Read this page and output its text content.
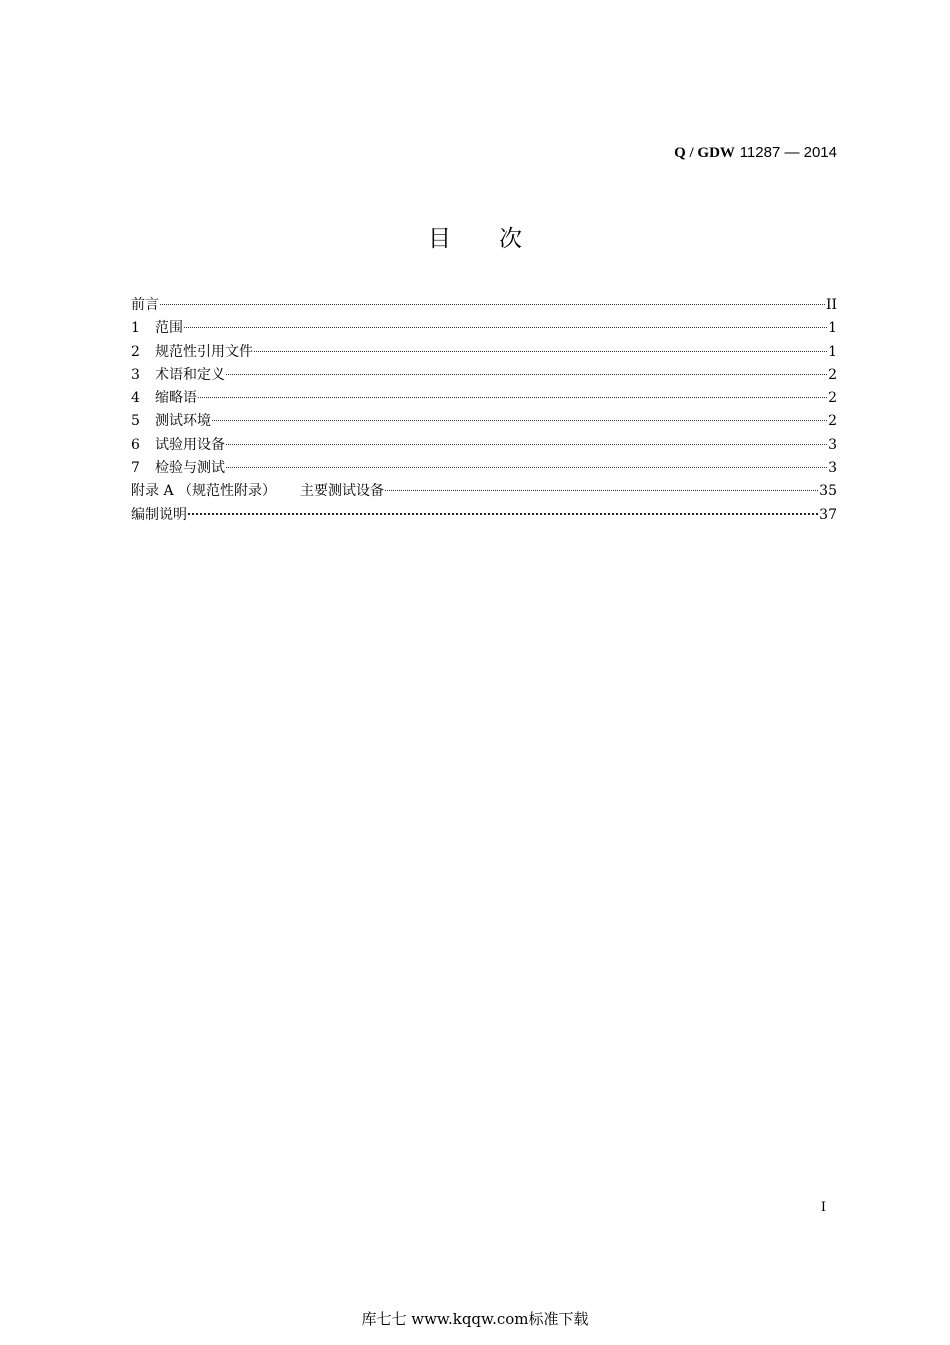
Q / GDW 11287 — 2014
目次
前言	II
1	范围	1
2	规范性引用文件	1
3	术语和定义	2
4	缩略语	2
5	测试环境	2
6	试验用设备	3
7	检验与测试	3
附录 A （规范性附录） 主要测试设备	35
编制说明	37
I
库七七 www.kqqw.com标准下载
